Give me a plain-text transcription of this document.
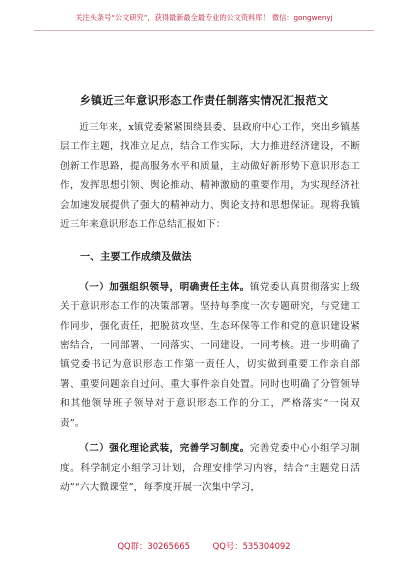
关注头条号“公文研究”，获得最新最全最专业的公文资料库！ 微信：gongwenyj
乡镇近三年意识形态工作责任制落实情况汇报范文

近三年来，x镇党委紧紧围绕县委、县政府中心工作，突出乡镇基层工作主题，找准立足点，结合工作实际，大力推进经济建设，不断创新工作思路，提高服务水平和质量，主动做好新形势下意识形态工作，发挥思想引领、舆论推动、精神激励的重要作用，为实现经济社会加速发展提供了强大的精神动力、舆论支持和思想保证。现将我镇近三年来意识形态工作总结汇报如下：

一、主要工作成绩及做法

（一）加强组织领导，明确责任主体。镇党委认真贯彻落实上级关于意识形态工作的决策部署。坚持每季度一次专题研究，与党建工作同步，强化责任，把脱贫攻坚、生态环保等工作和党的意识建设紧密结合，一同部署、一同落实、一同建设、一同考核。进一步明确了镇党委书记为意识形态工作第一责任人，切实做到重要工作亲自部署、重要问题亲自过问、重大事件亲自处置。同时也明确了分管领导和其他领导班子领导对于意识形态工作的分工，严格落实“一岗双责”。

（二）强化理论武装，完善学习制度。完善党委中心小组学习制度。科学制定小组学习计划，合理安排学习内容，结合“主题党日活动”“六大微课堂”，每季度开展一次集中学习，

QQ群：30265665	QQ号：535304092
